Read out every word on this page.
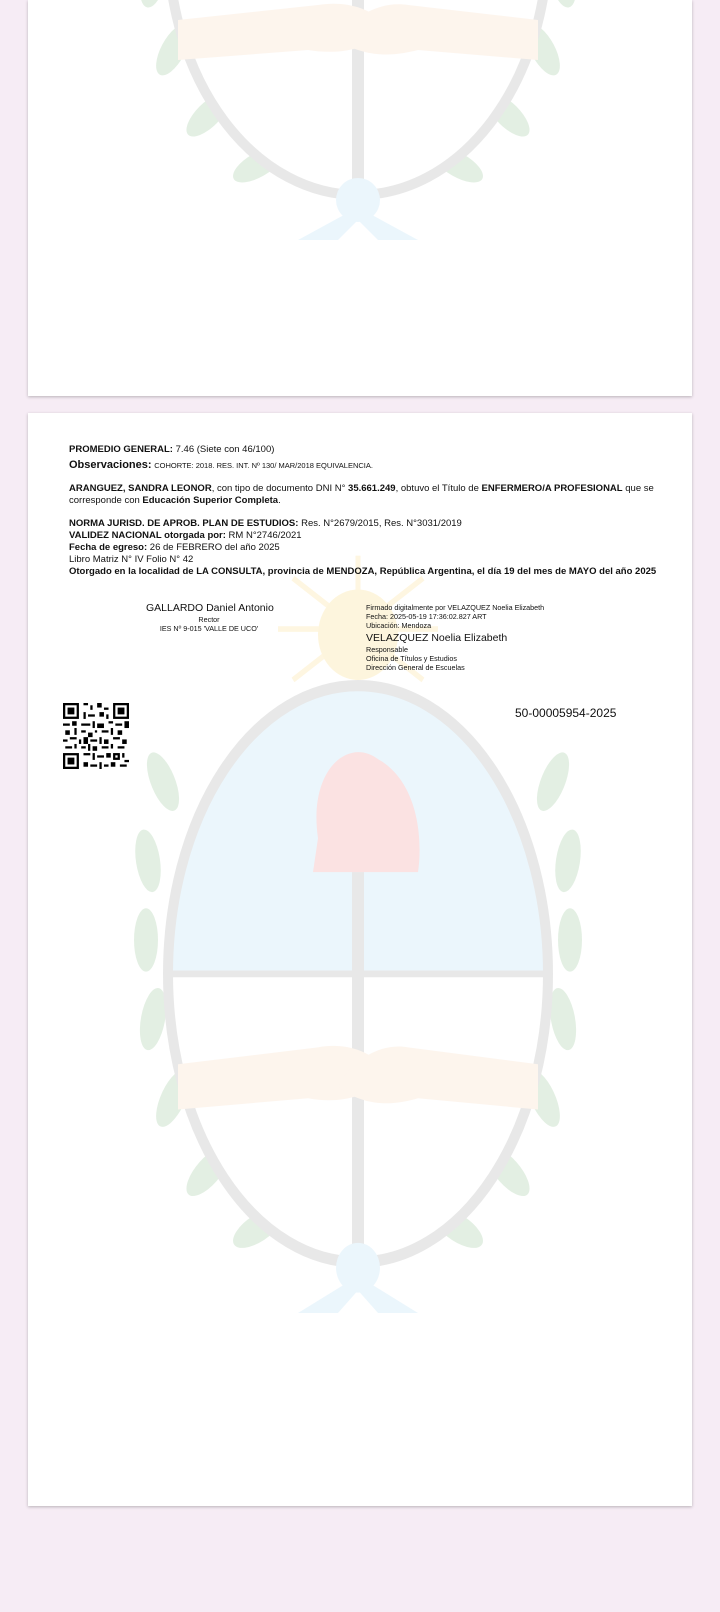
PROMEDIO GENERAL: 7.46 (Siete con 46/100)
Observaciones: COHORTE: 2018. RES. INT. Nº 130/ MAR/2018 EQUIVALENCIA.
ARANGUEZ, SANDRA LEONOR, con tipo de documento DNI N° 35.661.249, obtuvo el Título de ENFERMERO/A PROFESIONAL que se
corresponde con Educación Superior Completa.
NORMA JURISD. DE APROB. PLAN DE ESTUDIOS: Res. N°2679/2015, Res. N°3031/2019
VALIDEZ NACIONAL otorgada por: RM N°2746/2021
Fecha de egreso: 26 de FEBRERO del año 2025
Libro Matriz N° IV Folio N° 42
Otorgado en la localidad de LA CONSULTA, provincia de MENDOZA, República Argentina, el día 19 del mes de MAYO del año 2025
GALLARDO Daniel Antonio
Rector
IES Nº 9-015 'VALLE DE UCO'
Firmado digitalmente por VELAZQUEZ Noelia Elizabeth
Fecha: 2025-05-19 17:36:02.827 ART
Ubicación: Mendoza
VELAZQUEZ Noelia Elizabeth
Responsable
Oficina de Títulos y Estudios
Dirección General de Escuelas
50-00005954-2025
